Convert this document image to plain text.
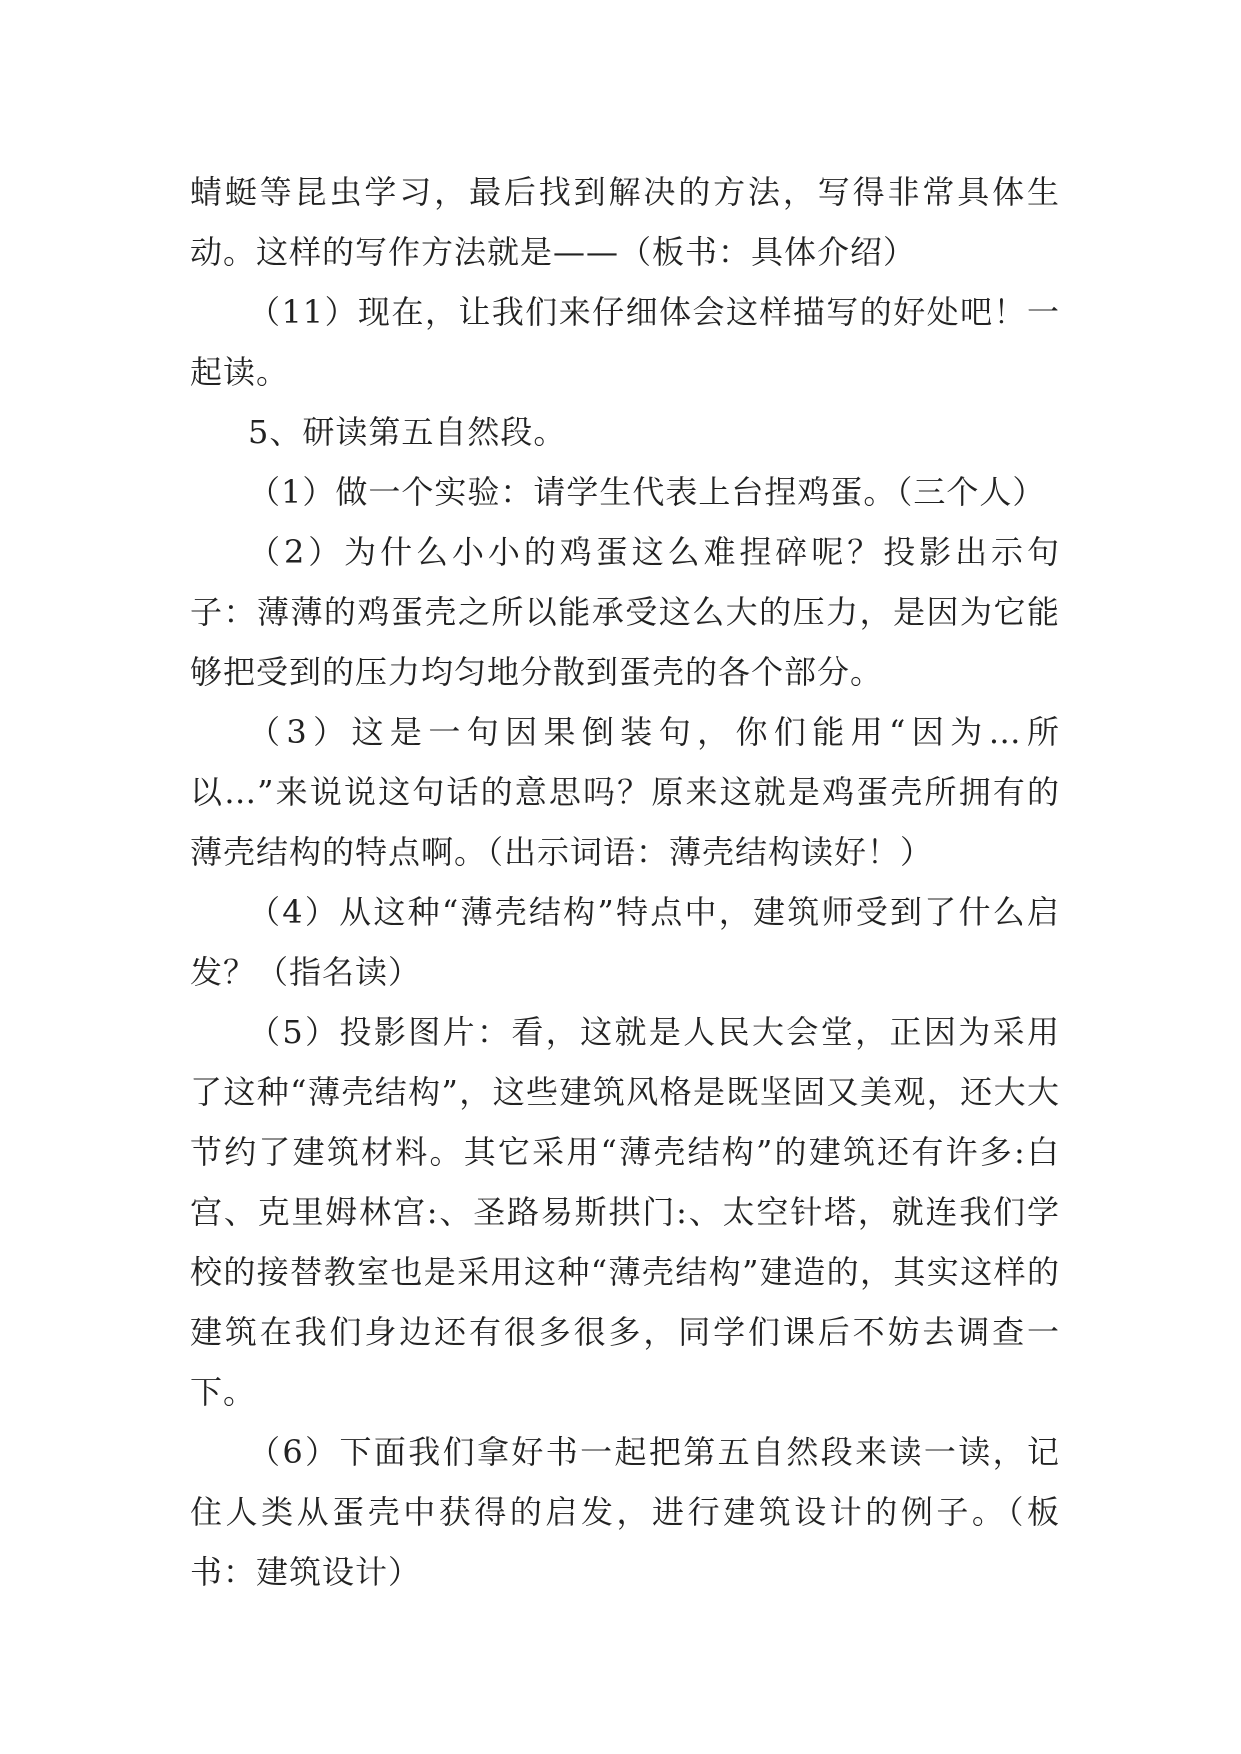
蜻蜓等昆虫学习，最后找到解决的方法，写得非常具体生动。这样的写作方法就是——（板书：具体介绍）

（11）现在，让我们来仔细体会这样描写的好处吧！一起读。

5、研读第五自然段。

（1）做一个实验：请学生代表上台捏鸡蛋。（三个人）

（2）为什么小小的鸡蛋这么难捏碎呢？投影出示句子：薄薄的鸡蛋壳之所以能承受这么大的压力，是因为它能够把受到的压力均匀地分散到蛋壳的各个部分。

（3）这是一句因果倒装句，你们能用“因为…所以…”来说说这句话的意思吗？原来这就是鸡蛋壳所拥有的薄壳结构的特点啊。（出示词语：薄壳结构读好！）

（4）从这种“薄壳结构”特点中，建筑师受到了什么启发？（指名读）

（5）投影图片：看，这就是人民大会堂，正因为采用了这种“薄壳结构”，这些建筑风格是既坚固又美观，还大大节约了建筑材料。其它采用“薄壳结构”的建筑还有许多:白宫、克里姆林宫:、圣路易斯拱门:、太空针塔，就连我们学校的接替教室也是采用这种“薄壳结构”建造的，其实这样的建筑在我们身边还有很多很多，同学们课后不妨去调查一下。

（6）下面我们拿好书一起把第五自然段来读一读，记住人类从蛋壳中获得的启发，进行建筑设计的例子。（板书：建筑设计）
